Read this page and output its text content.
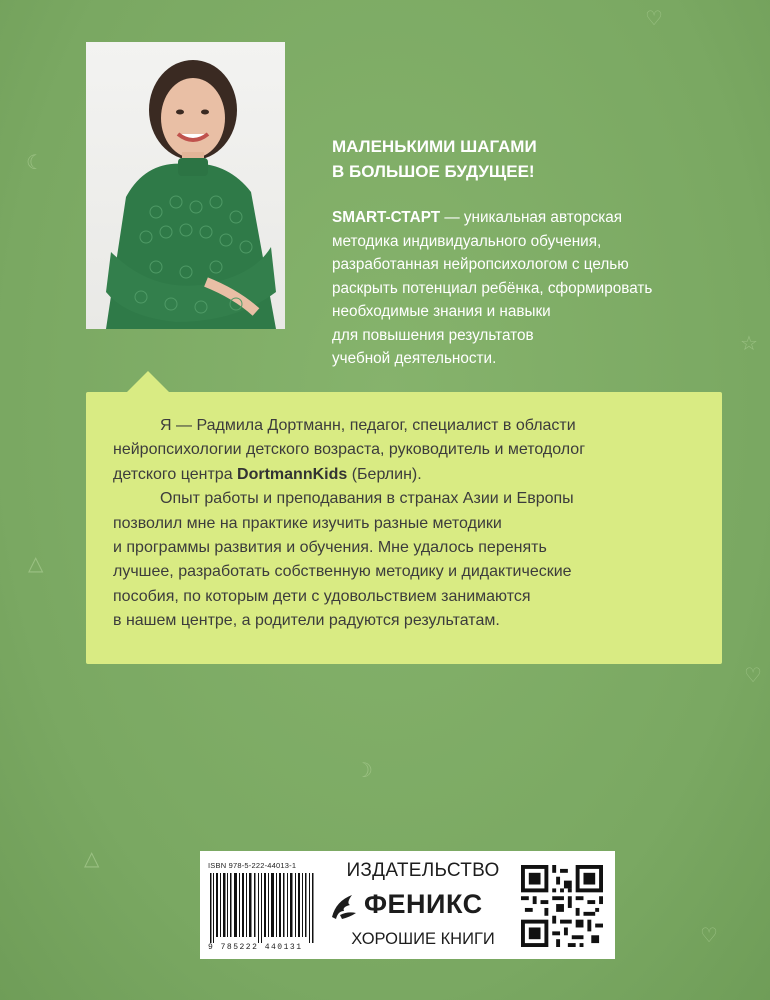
♡
☾
☆
△
♡
☽
△
♡
МАЛЕНЬКИМИ ШАГАМИ
В БОЛЬШОЕ БУДУЩЕЕ!

SMART-СТАРТ — уникальная авторская
методика индивидуального обучения,
разработанная нейропсихологом с целью
раскрыть потенциал ребёнка, сформировать
необходимые знания и навыки
для повышения результатов
учебной деятельности.

Я — Радмила Дортманн, педагог, специалист в области
нейропсихологии детского возраста, руководитель и методолог
детского центра DortmannKids (Берлин).
Опыт работы и преподавания в странах Азии и Европы
позволил мне на практике изучить разные методики
и программы развития и обучения. Мне удалось перенять
лучшее, разработать собственную методику и дидактические
пособия, по которым дети с удовольствием занимаются
в нашем центре, а родители радуются результатам.

ISBN 978-5-222-44013-1
9 785222 440131
ИЗДАТЕЛЬСТВО
ФЕНИКС
ХОРОШИЕ КНИГИ
